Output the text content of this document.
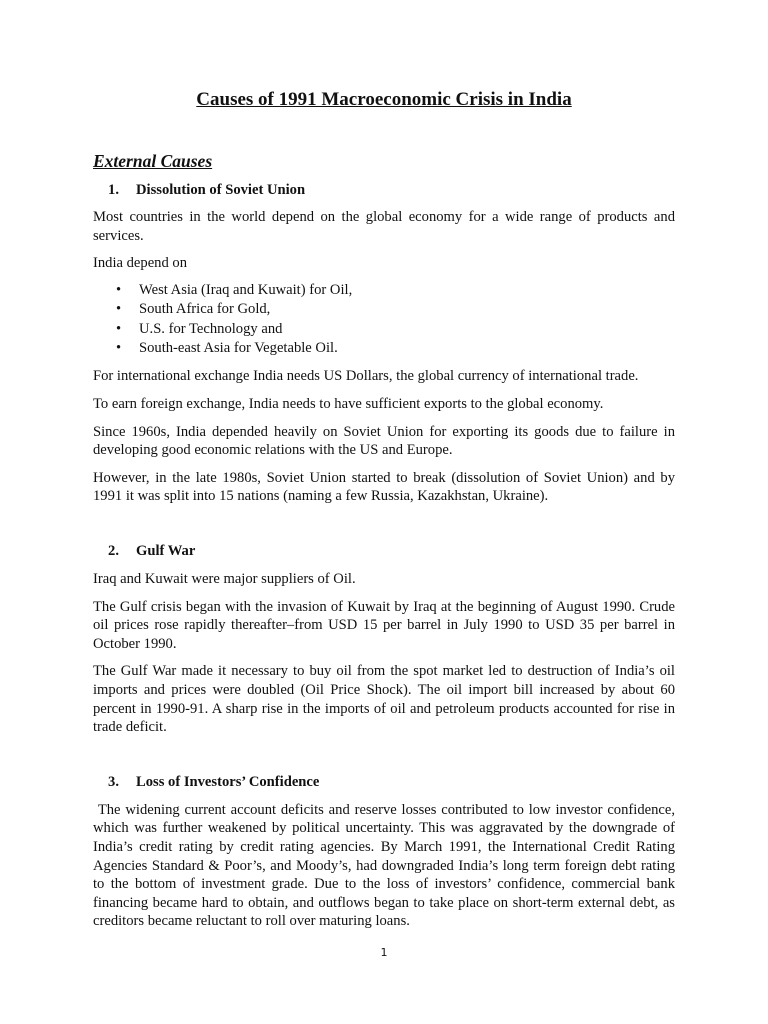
Causes of 1991 Macroeconomic Crisis in India
External Causes
1. Dissolution of Soviet Union

Most countries in the world depend on the global economy for a wide range of products and services.

India depend on

• West Asia (Iraq and Kuwait) for Oil,
• South Africa for Gold,
• U.S. for Technology and
• South-east Asia for Vegetable Oil.

For international exchange India needs US Dollars, the global currency of international trade.

To earn foreign exchange, India needs to have sufficient exports to the global economy.

Since 1960s, India depended heavily on Soviet Union for exporting its goods due to failure in developing good economic relations with the US and Europe.

However, in the late 1980s, Soviet Union started to break (dissolution of Soviet Union) and by 1991 it was split into 15 nations (naming a few Russia, Kazakhstan, Ukraine).

2. Gulf War

Iraq and Kuwait were major suppliers of Oil.

The Gulf crisis began with the invasion of Kuwait by Iraq at the beginning of August 1990. Crude oil prices rose rapidly thereafter–from USD 15 per barrel in July 1990 to USD 35 per barrel in October 1990.

The Gulf War made it necessary to buy oil from the spot market led to destruction of India’s oil imports and prices were doubled (Oil Price Shock). The oil import bill increased by about 60 percent in 1990-91. A sharp rise in the imports of oil and petroleum products accounted for rise in trade deficit.

3. Loss of Investors’ Confidence

The widening current account deficits and reserve losses contributed to low investor confidence, which was further weakened by political uncertainty. This was aggravated by the downgrade of India’s credit rating by credit rating agencies. By March 1991, the International Credit Rating Agencies Standard & Poor’s, and Moody’s, had downgraded India’s long term foreign debt rating to the bottom of investment grade. Due to the loss of investors’ confidence, commercial bank financing became hard to obtain, and outflows began to take place on short-term external debt, as creditors became reluctant to roll over maturing loans.

1
